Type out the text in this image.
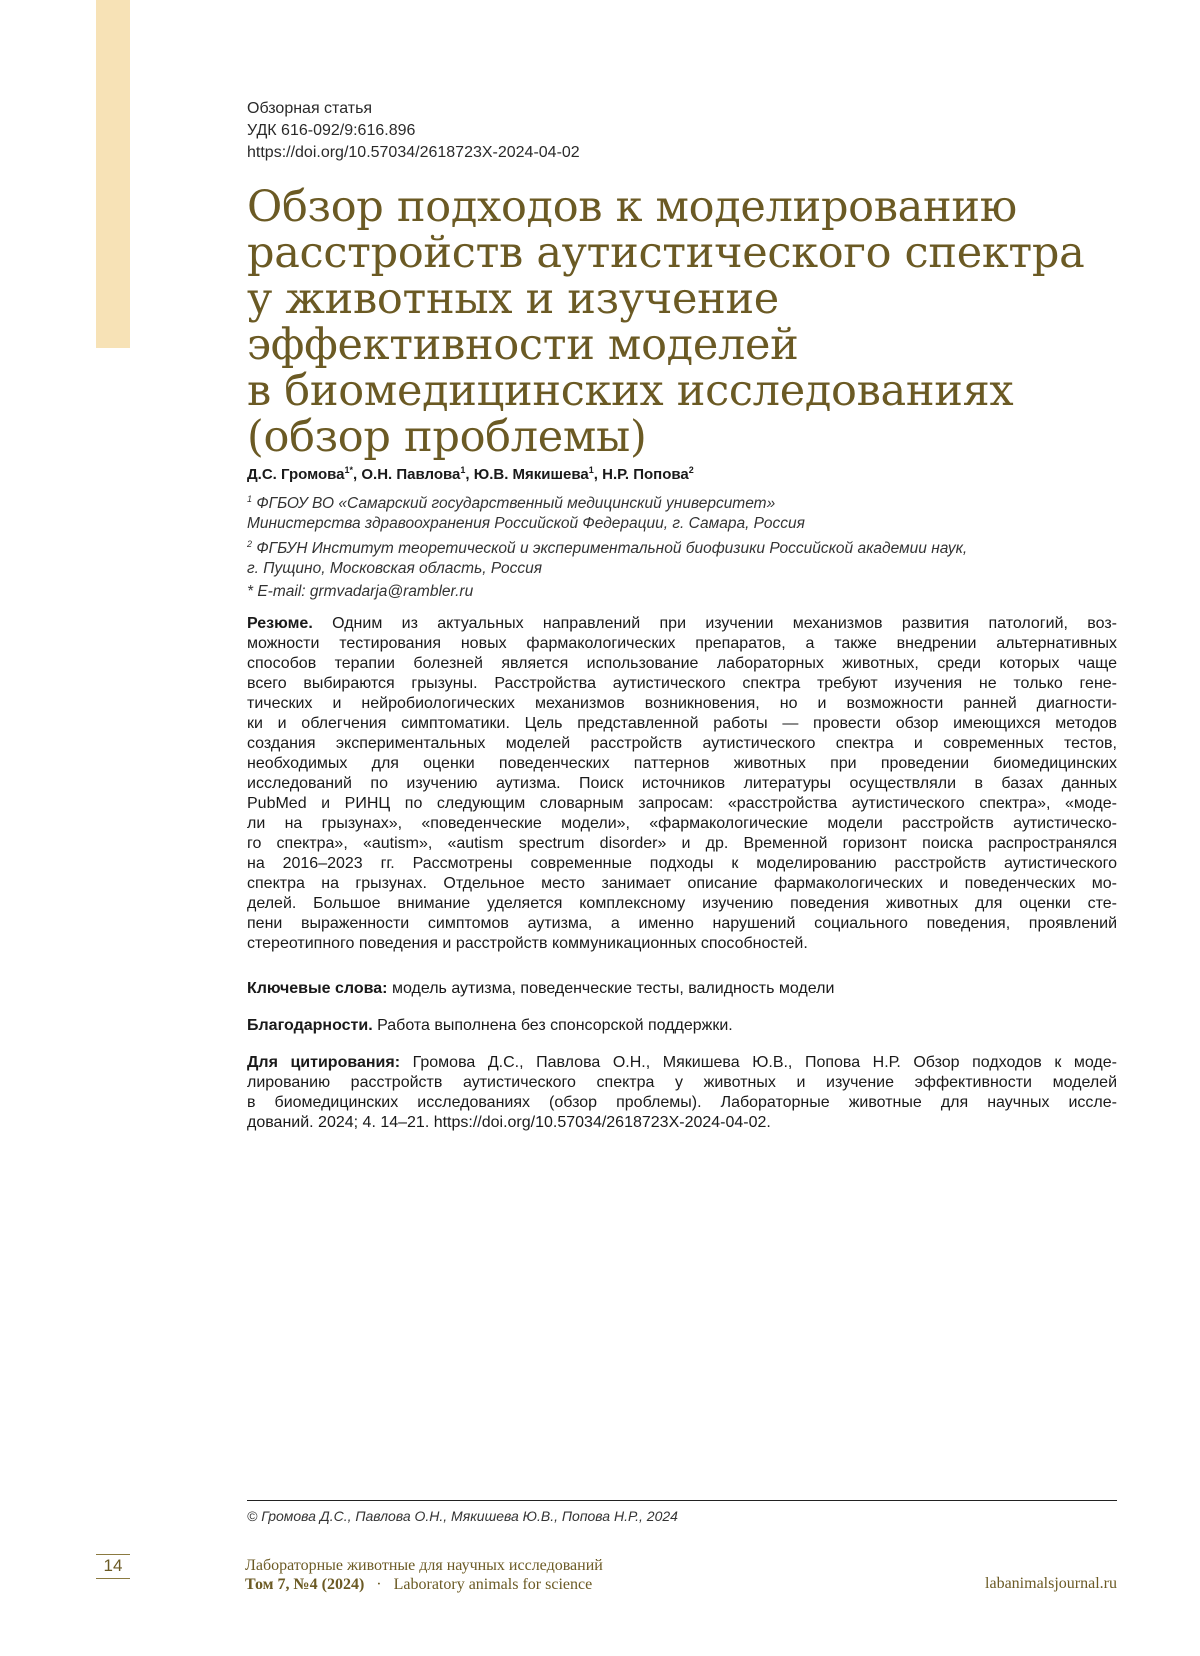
Обзорная статья
УДК 616-092/9:616.896
https://doi.org/10.57034/2618723X-2024-04-02
Обзор подходов к моделированию
расстройств аутистического спектра
у животных и изучение
эффективности моделей
в биомедицинских исследованиях
(обзор проблемы)
Д.С. Громова$^{1*}$, О.Н. Павлова$^1$, Ю.В. Мякишева$^1$, Н.Р. Попова$^2$
$^1$ ФГБОУ ВО «Самарский государственный медицинский университет»
Министерства здравоохранения Российской Федерации, г. Самара, Россия
$^2$ ФГБУН Институт теоретической и экспериментальной биофизики Российской академии наук,
г. Пущино, Московская область, Россия
* E-mail: grmvadarja@rambler.ru
Резюме. Одним из актуальных направлений при изучении механизмов развития патологий, воз-
можности тестирования новых фармакологических препаратов, а также внедрении альтернативных
способов терапии болезней является использование лабораторных животных, среди которых чаще
всего выбираются грызуны. Расстройства аутистического спектра требуют изучения не только гене-
тических и нейробиологических механизмов возникновения, но и возможности ранней диагности-
ки и облегчения симптоматики. Цель представленной работы — провести обзор имеющихся методов
создания экспериментальных моделей расстройств аутистического спектра и современных тестов,
необходимых для оценки поведенческих паттернов животных при проведении биомедицинских
исследований по изучению аутизма. Поиск источников литературы осуществляли в базах данных
PubMed и РИНЦ по следующим словарным запросам: «расстройства аутистического спектра», «моде-
ли на грызунах», «поведенческие модели», «фармакологические модели расстройств аутистическо-
го спектра», «autism», «autism spectrum disorder» и др. Временной горизонт поиска распространялся
на 2016–2023 гг. Рассмотрены современные подходы к моделированию расстройств аутистического
спектра на грызунах. Отдельное место занимает описание фармакологических и поведенческих мо-
делей. Большое внимание уделяется комплексному изучению поведения животных для оценки сте-
пени выраженности симптомов аутизма, а именно нарушений социального поведения, проявлений
стереотипного поведения и расстройств коммуникационных способностей.
Ключевые слова: модель аутизма, поведенческие тесты, валидность модели
Благодарности. Работа выполнена без спонсорской поддержки.
Для цитирования: Громова Д.С., Павлова О.Н., Мякишева Ю.В., Попова Н.Р. Обзор подходов к моде-
лированию расстройств аутистического спектра у животных и изучение эффективности моделей
в биомедицинских исследованиях (обзор проблемы). Лабораторные животные для научных иссле-
дований. 2024; 4. 14–21. https://doi.org/10.57034/2618723X-2024-04-02.
© Громова Д.С., Павлова О.Н., Мякишева Ю.В., Попова Н.Р., 2024
14	Лабораторные животные для научных исследований
Том 7, №4 (2024) · Laboratory animals for science	labanimalsjournal.ru
